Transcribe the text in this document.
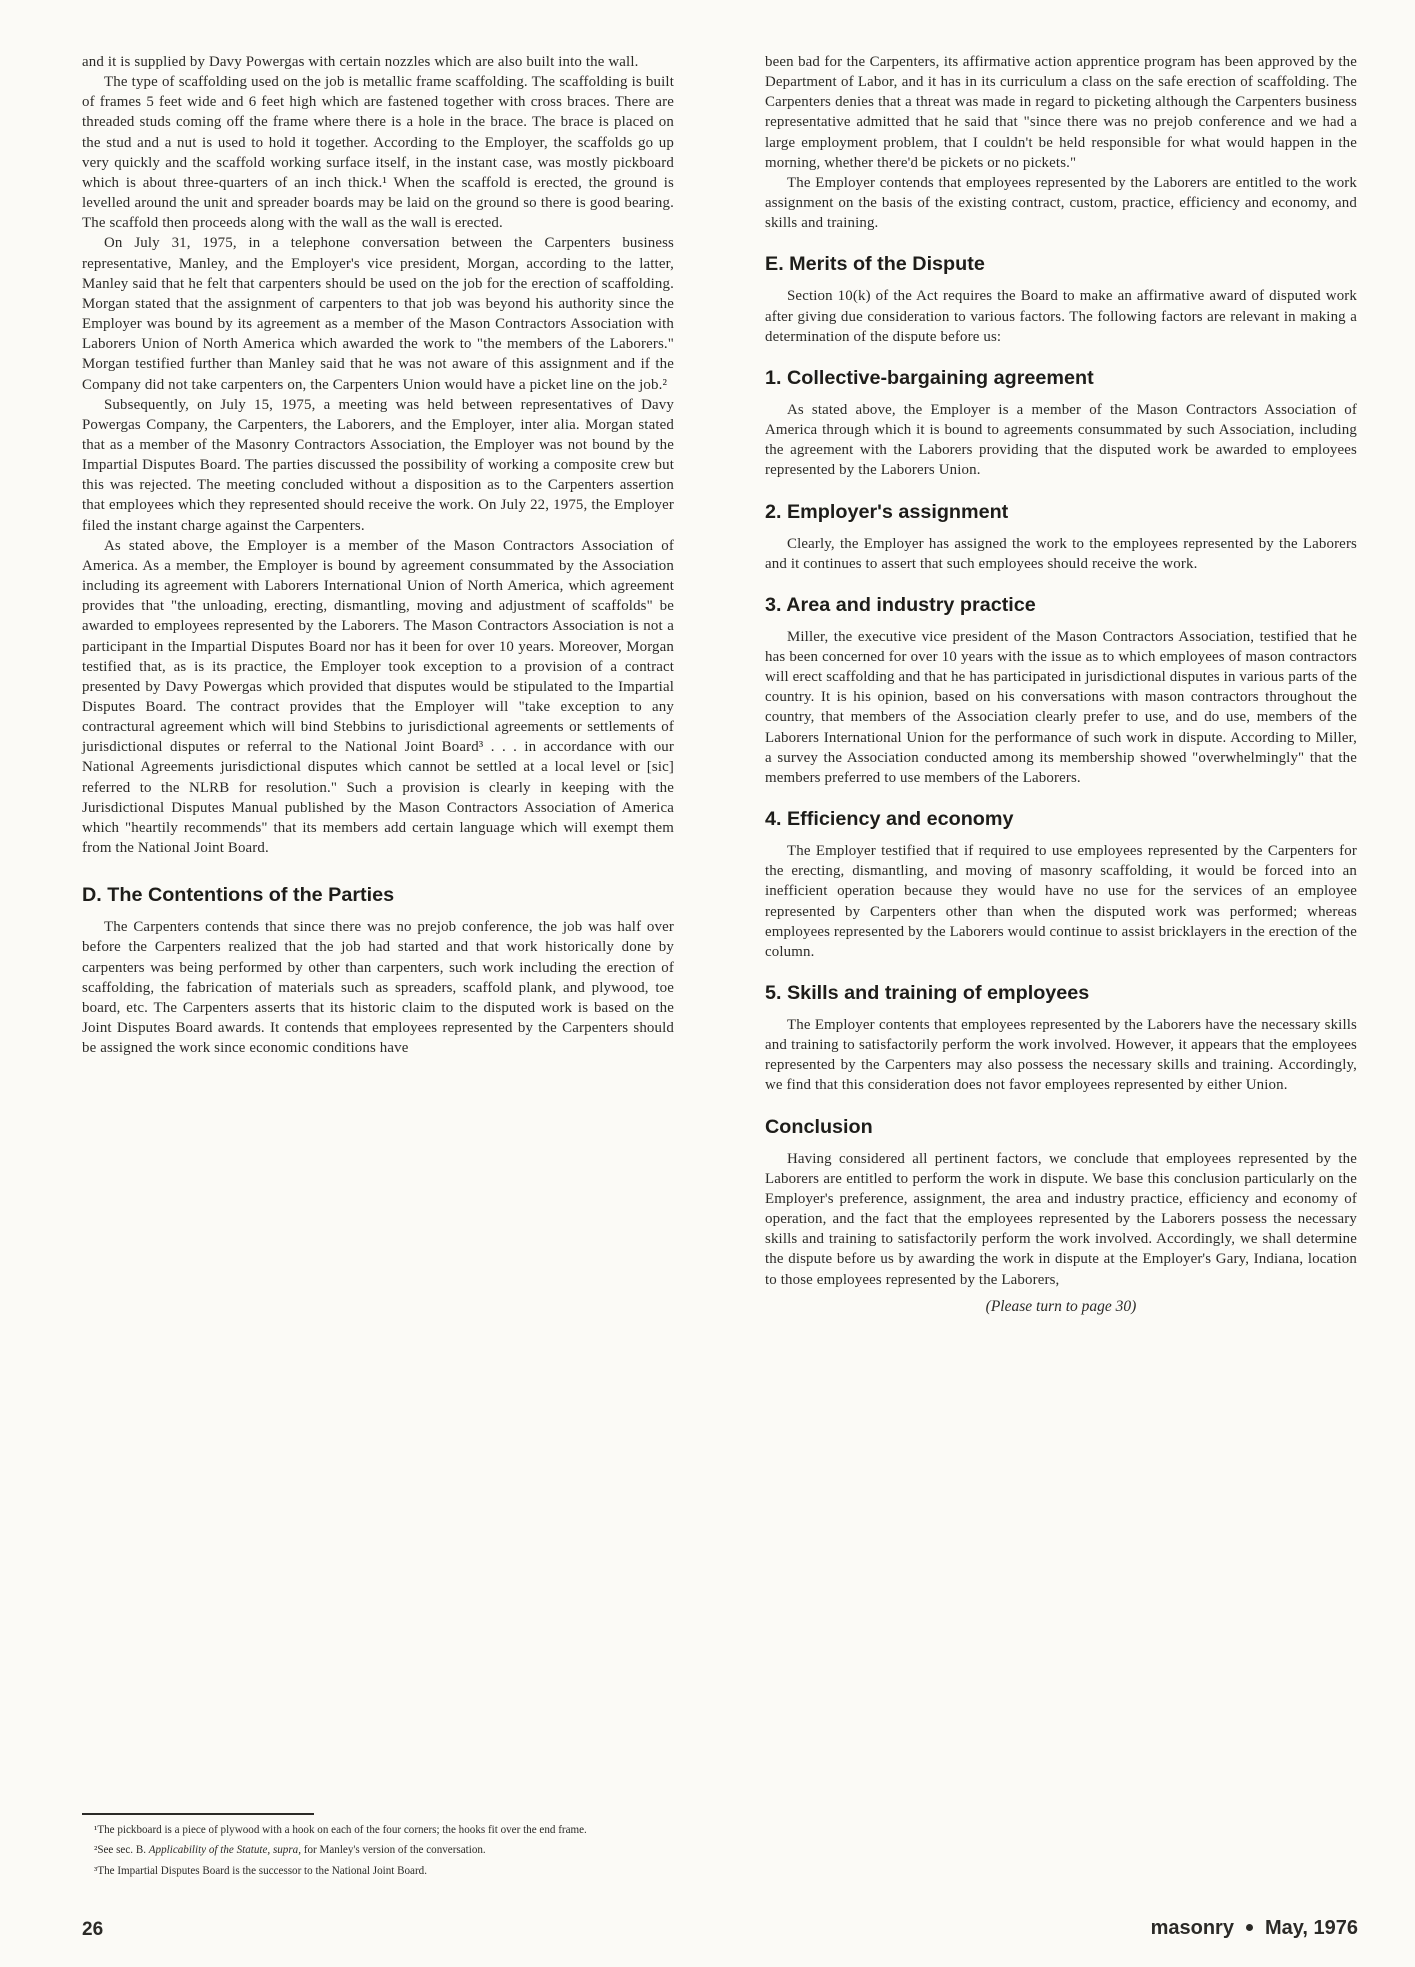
and it is supplied by Davy Powergas with certain nozzles which are also built into the wall.

The type of scaffolding used on the job is metallic frame scaffolding. The scaffolding is built of frames 5 feet wide and 6 feet high which are fastened together with cross braces. There are threaded studs coming off the frame where there is a hole in the brace. The brace is placed on the stud and a nut is used to hold it together. According to the Employer, the scaffolds go up very quickly and the scaffold working surface itself, in the instant case, was mostly pickboard which is about three-quarters of an inch thick.¹ When the scaffold is erected, the ground is levelled around the unit and spreader boards may be laid on the ground so there is good bearing. The scaffold then proceeds along with the wall as the wall is erected.

On July 31, 1975, in a telephone conversation between the Carpenters business representative, Manley, and the Employer's vice president, Morgan, according to the latter, Manley said that he felt that carpenters should be used on the job for the erection of scaffolding. Morgan stated that the assignment of carpenters to that job was beyond his authority since the Employer was bound by its agreement as a member of the Mason Contractors Association with Laborers Union of North America which awarded the work to "the members of the Laborers." Morgan testified further than Manley said that he was not aware of this assignment and if the Company did not take carpenters on, the Carpenters Union would have a picket line on the job.²

Subsequently, on July 15, 1975, a meeting was held between representatives of Davy Powergas Company, the Carpenters, the Laborers, and the Employer, inter alia. Morgan stated that as a member of the Masonry Contractors Association, the Employer was not bound by the Impartial Disputes Board. The parties discussed the possibility of working a composite crew but this was rejected. The meeting concluded without a disposition as to the Carpenters assertion that employees which they represented should receive the work. On July 22, 1975, the Employer filed the instant charge against the Carpenters.

As stated above, the Employer is a member of the Mason Contractors Association of America. As a member, the Employer is bound by agreement consummated by the Association including its agreement with Laborers International Union of North America, which agreement provides that "the unloading, erecting, dismantling, moving and adjustment of scaffolds" be awarded to employees represented by the Laborers. The Mason Contractors Association is not a participant in the Impartial Disputes Board nor has it been for over 10 years. Moreover, Morgan testified that, as is its practice, the Employer took exception to a provision of a contract presented by Davy Powergas which provided that disputes would be stipulated to the Impartial Disputes Board. The contract provides that the Employer will "take exception to any contractural agreement which will bind Stebbins to jurisdictional agreements or settlements of jurisdictional disputes or referral to the National Joint Board³ . . . in accordance with our National Agreements jurisdictional disputes which cannot be settled at a local level or [sic] referred to the NLRB for resolution." Such a provision is clearly in keeping with the Jurisdictional Disputes Manual published by the Mason Contractors Association of America which "heartily recommends" that its members add certain language which will exempt them from the National Joint Board.

D. The Contentions of the Parties

The Carpenters contends that since there was no prejob conference, the job was half over before the Carpenters realized that the job had started and that work historically done by carpenters was being performed by other than carpenters, such work including the erection of scaffolding, the fabrication of materials such as spreaders, scaffold plank, and plywood, toe board, etc. The Carpenters asserts that its historic claim to the disputed work is based on the Joint Disputes Board awards. It contends that employees represented by the Carpenters should be assigned the work since economic conditions have

¹The pickboard is a piece of plywood with a hook on each of the four corners; the hooks fit over the end frame.

²See sec. B. Applicability of the Statute, supra, for Manley's version of the conversation.

³The Impartial Disputes Board is the successor to the National Joint Board.

been bad for the Carpenters, its affirmative action apprentice program has been approved by the Department of Labor, and it has in its curriculum a class on the safe erection of scaffolding. The Carpenters denies that a threat was made in regard to picketing although the Carpenters business representative admitted that he said that "since there was no prejob conference and we had a large employment problem, that I couldn't be held responsible for what would happen in the morning, whether there'd be pickets or no pickets."

The Employer contends that employees represented by the Laborers are entitled to the work assignment on the basis of the existing contract, custom, practice, efficiency and economy, and skills and training.

E. Merits of the Dispute

Section 10(k) of the Act requires the Board to make an affirmative award of disputed work after giving due consideration to various factors. The following factors are relevant in making a determination of the dispute before us:

1. Collective-bargaining agreement

As stated above, the Employer is a member of the Mason Contractors Association of America through which it is bound to agreements consummated by such Association, including the agreement with the Laborers providing that the disputed work be awarded to employees represented by the Laborers Union.

2. Employer's assignment

Clearly, the Employer has assigned the work to the employees represented by the Laborers and it continues to assert that such employees should receive the work.

3. Area and industry practice

Miller, the executive vice president of the Mason Contractors Association, testified that he has been concerned for over 10 years with the issue as to which employees of mason contractors will erect scaffolding and that he has participated in jurisdictional disputes in various parts of the country. It is his opinion, based on his conversations with mason contractors throughout the country, that members of the Association clearly prefer to use, and do use, members of the Laborers International Union for the performance of such work in dispute. According to Miller, a survey the Association conducted among its membership showed "overwhelmingly" that the members preferred to use members of the Laborers.

4. Efficiency and economy

The Employer testified that if required to use employees represented by the Carpenters for the erecting, dismantling, and moving of masonry scaffolding, it would be forced into an inefficient operation because they would have no use for the services of an employee represented by Carpenters other than when the disputed work was performed; whereas employees represented by the Laborers would continue to assist bricklayers in the erection of the column.

5. Skills and training of employees

The Employer contents that employees represented by the Laborers have the necessary skills and training to satisfactorily perform the work involved. However, it appears that the employees represented by the Carpenters may also possess the necessary skills and training. Accordingly, we find that this consideration does not favor employees represented by either Union.

Conclusion

Having considered all pertinent factors, we conclude that employees represented by the Laborers are entitled to perform the work in dispute. We base this conclusion particularly on the Employer's preference, assignment, the area and industry practice, efficiency and economy of operation, and the fact that the employees represented by the Laborers possess the necessary skills and training to satisfactorily perform the work involved. Accordingly, we shall determine the dispute before us by awarding the work in dispute at the Employer's Gary, Indiana, location to those employees represented by the Laborers,

(Please turn to page 30)
26	masonry May, 1976
